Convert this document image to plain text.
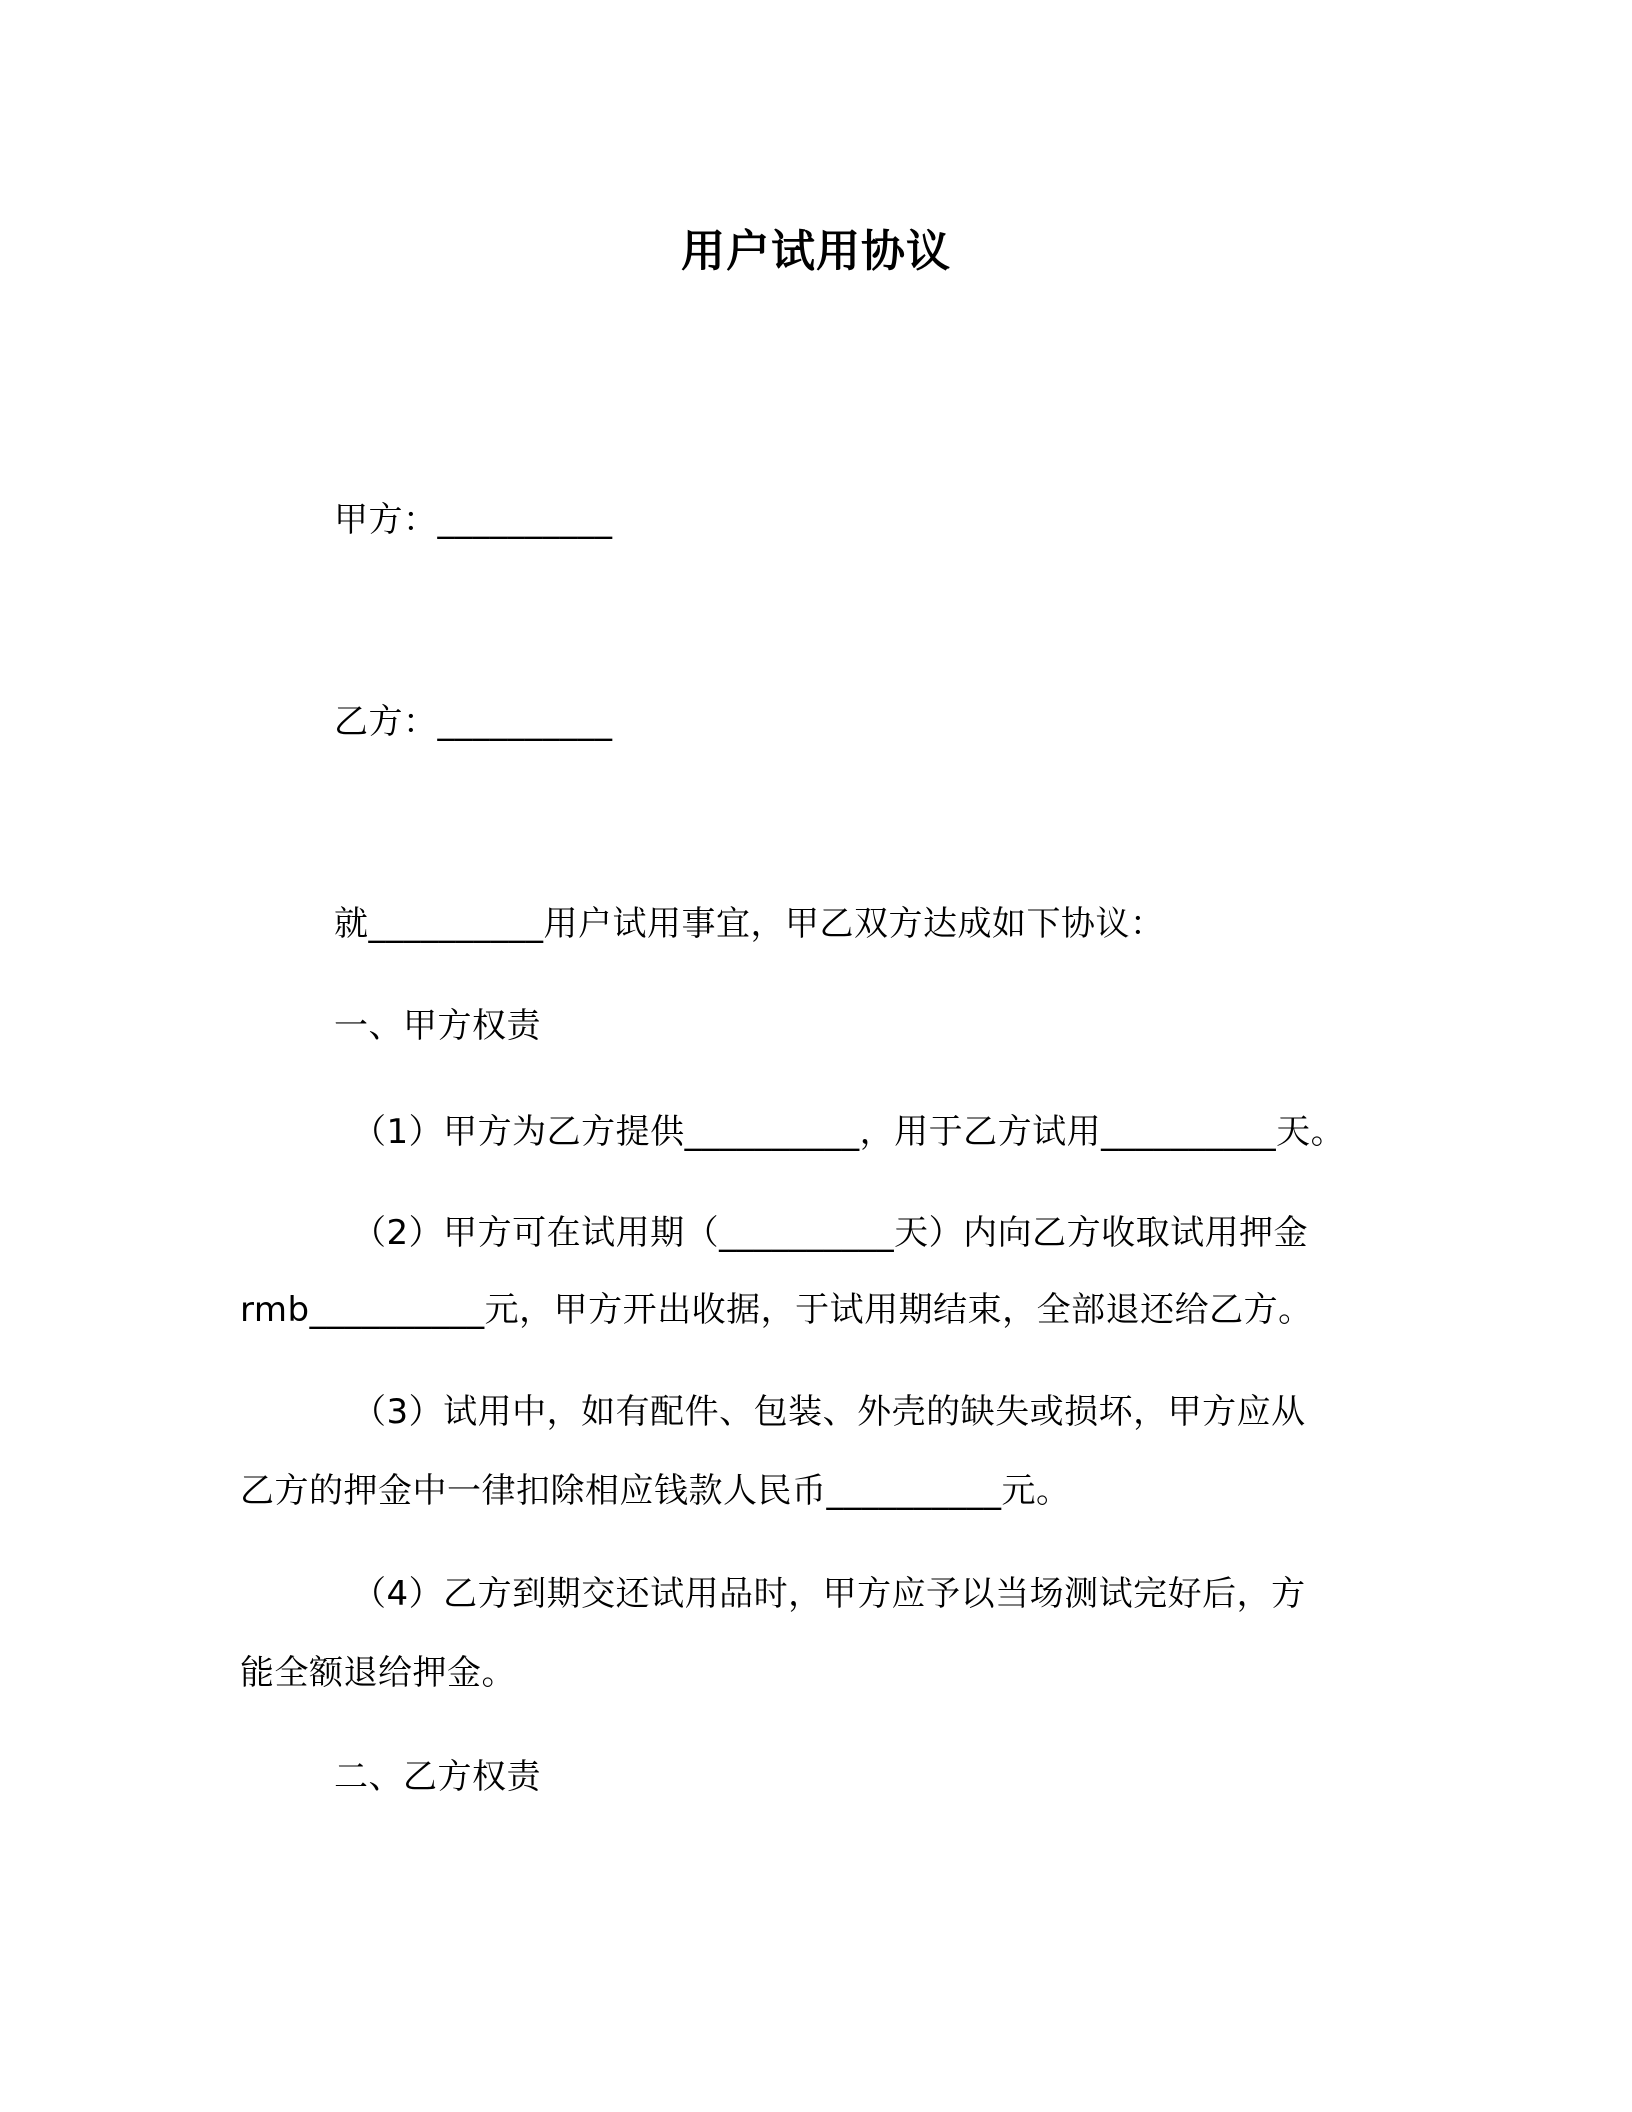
用户试用协议
甲方：__________
乙方：__________
就__________用户试用事宜，甲乙双方达成如下协议：
一、甲方权责
（1）甲方为乙方提供__________，用于乙方试用__________天。
（2）甲方可在试用期（__________天）内向乙方收取试用押金
rmb__________元，甲方开出收据，于试用期结束，全部退还给乙方。
（3）试用中，如有配件、包装、外壳的缺失或损坏，甲方应从
乙方的押金中一律扣除相应钱款人民币__________元。
（4）乙方到期交还试用品时，甲方应予以当场测试完好后，方
能全额退给押金。
二、乙方权责
